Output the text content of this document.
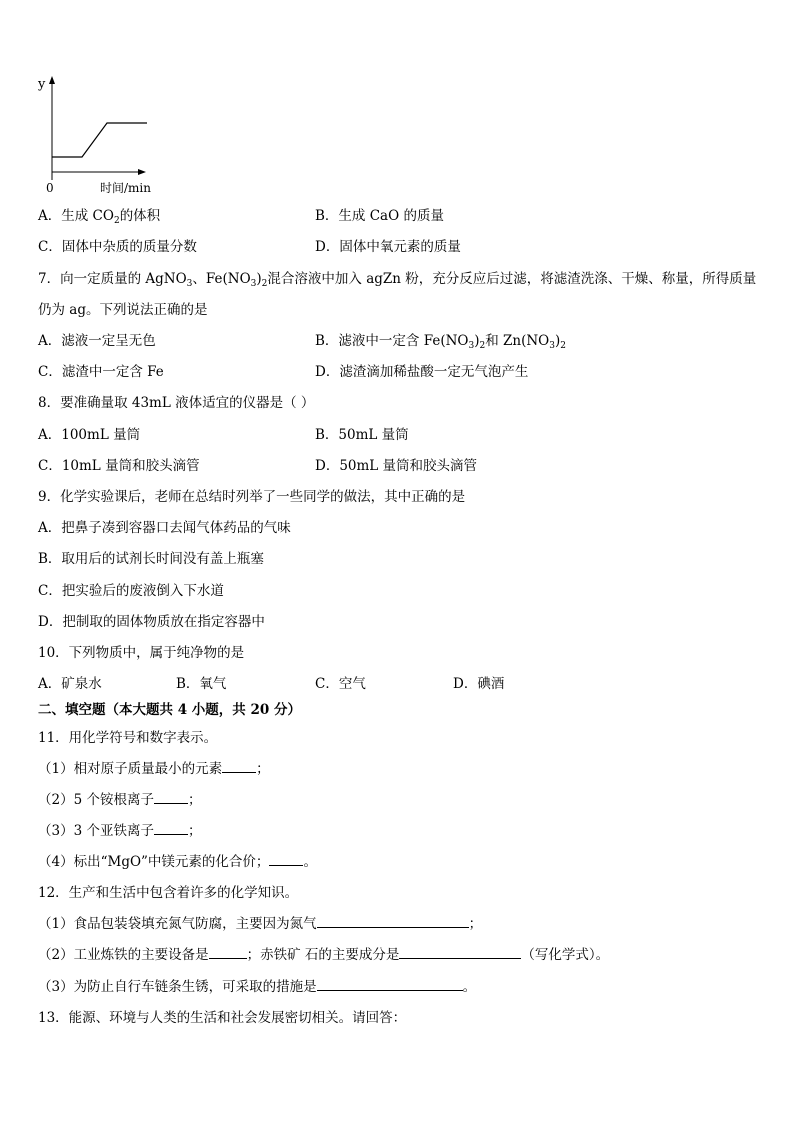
y
0	时间/min
A．生成 $CO_2$的体积	B．生成 CaO 的质量
C．固体中杂质的质量分数	D．固体中氧元素的质量
7．向一定质量的 AgNO$_3$、$Fe(NO_3)_2$混合溶液中加入 agZn 粉，充分反应后过滤，将滤渣洗涤、干燥、称量，所得质量
仍为 ag。下列说法正确的是
A．滤液一定呈无色	B．滤液中一定含 $Fe(NO_3)_2$和 $Zn(NO_3)_2$
C．滤渣中一定含 Fe	D．滤渣滴加稀盐酸一定无气泡产生
8．要准确量取 43mL 液体适宜的仪器是（ ）
A．100mL 量筒	B．50mL 量筒
C．10mL 量筒和胶头滴管	D．50mL 量筒和胶头滴管
9．化学实验课后，老师在总结时列举了一些同学的做法，其中正确的是
A．把鼻子凑到容器口去闻气体药品的气味
B．取用后的试剂长时间没有盖上瓶塞
C．把实验后的废液倒入下水道
D．把制取的固体物质放在指定容器中
10．下列物质中，属于纯净物的是
A．矿泉水	B．氧气	C．空气	D．碘酒
二、填空题（本大题共 4 小题，共 20 分）
11．用化学符号和数字表示。
（1）相对原子质量最小的元素	；
（2）5 个铵根离子	；
（3）3 个亚铁离子	；
（4）标出“MgO”中镁元素的化合价；	。
12．生产和生活中包含着许多的化学知识。
（1）食品包装袋填充氮气防腐，主要因为氮气	；
（2）工业炼铁的主要设备是	；赤铁矿 石的主要成分是	（写化学式）。
（3）为防止自行车链条生锈，可采取的措施是	。
13．能源、环境与人类的生活和社会发展密切相关。请回答：
